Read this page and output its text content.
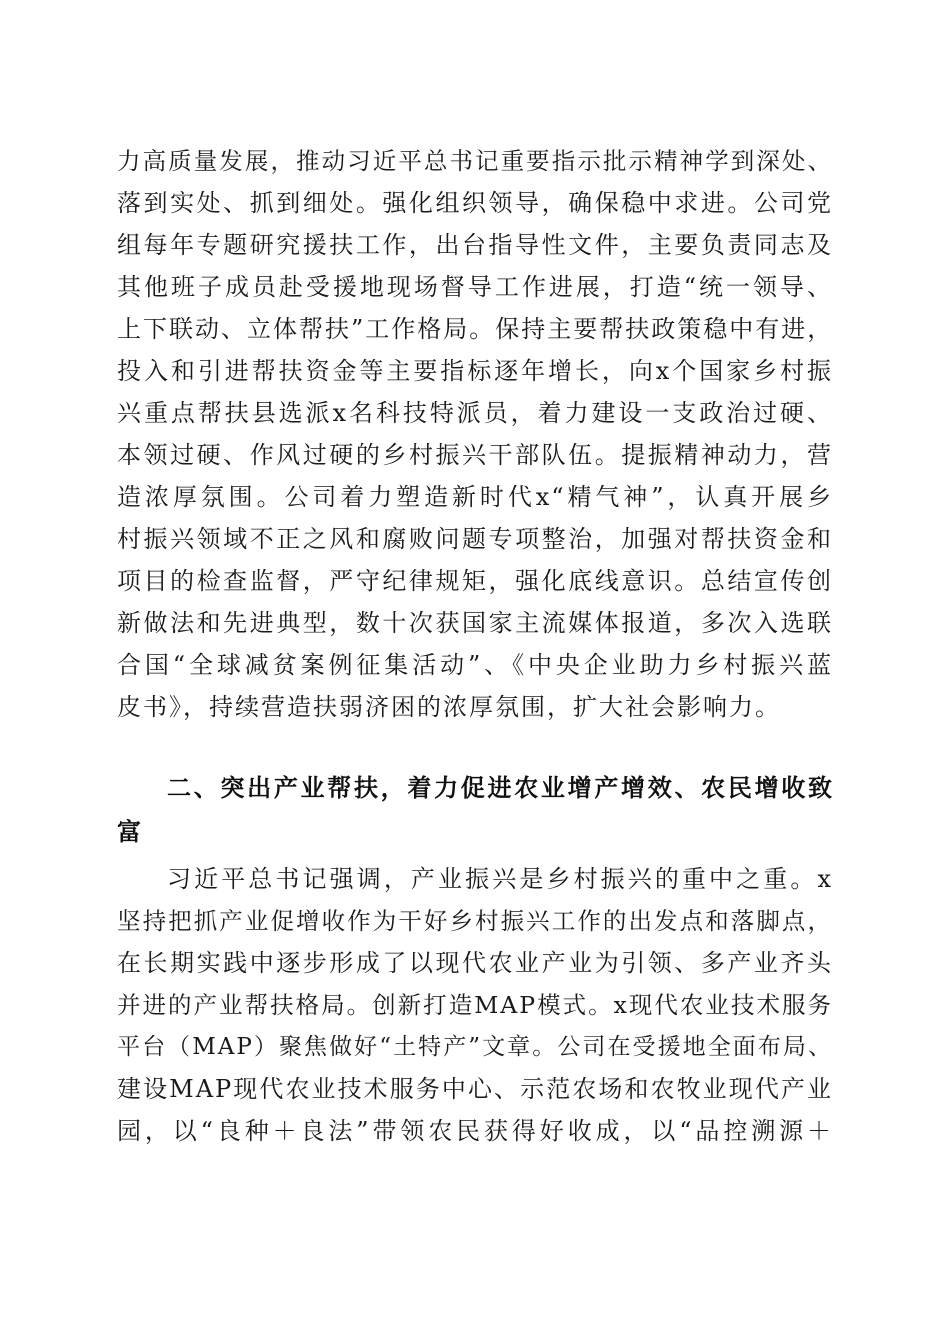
力高质量发展，推动习近平总书记重要指示批示精神学到深处、
落到实处、抓到细处。强化组织领导，确保稳中求进。公司党
组每年专题研究援扶工作，出台指导性文件，主要负责同志及
其他班子成员赴受援地现场督导工作进展，打造“统一领导、
上下联动、立体帮扶”工作格局。保持主要帮扶政策稳中有进，
投入和引进帮扶资金等主要指标逐年增长，向x个国家乡村振
兴重点帮扶县选派x名科技特派员，着力建设一支政治过硬、
本领过硬、作风过硬的乡村振兴干部队伍。提振精神动力，营
造浓厚氛围。公司着力塑造新时代x“精气神”，认真开展乡
村振兴领域不正之风和腐败问题专项整治，加强对帮扶资金和
项目的检查监督，严守纪律规矩，强化底线意识。总结宣传创
新做法和先进典型，数十次获国家主流媒体报道，多次入选联
合国“全球减贫案例征集活动”、《中央企业助力乡村振兴蓝
皮书》，持续营造扶弱济困的浓厚氛围，扩大社会影响力。
二、突出产业帮扶，着力促进农业增产增效、农民增收致
富
习近平总书记强调，产业振兴是乡村振兴的重中之重。x
坚持把抓产业促增收作为干好乡村振兴工作的出发点和落脚点，
在长期实践中逐步形成了以现代农业产业为引领、多产业齐头
并进的产业帮扶格局。创新打造MAP模式。x现代农业技术服务
平台（MAP）聚焦做好“土特产”文章。公司在受援地全面布局、
建设MAP现代农业技术服务中心、示范农场和农牧业现代产业
园，以“良种＋良法”带领农民获得好收成，以“品控溯源＋
